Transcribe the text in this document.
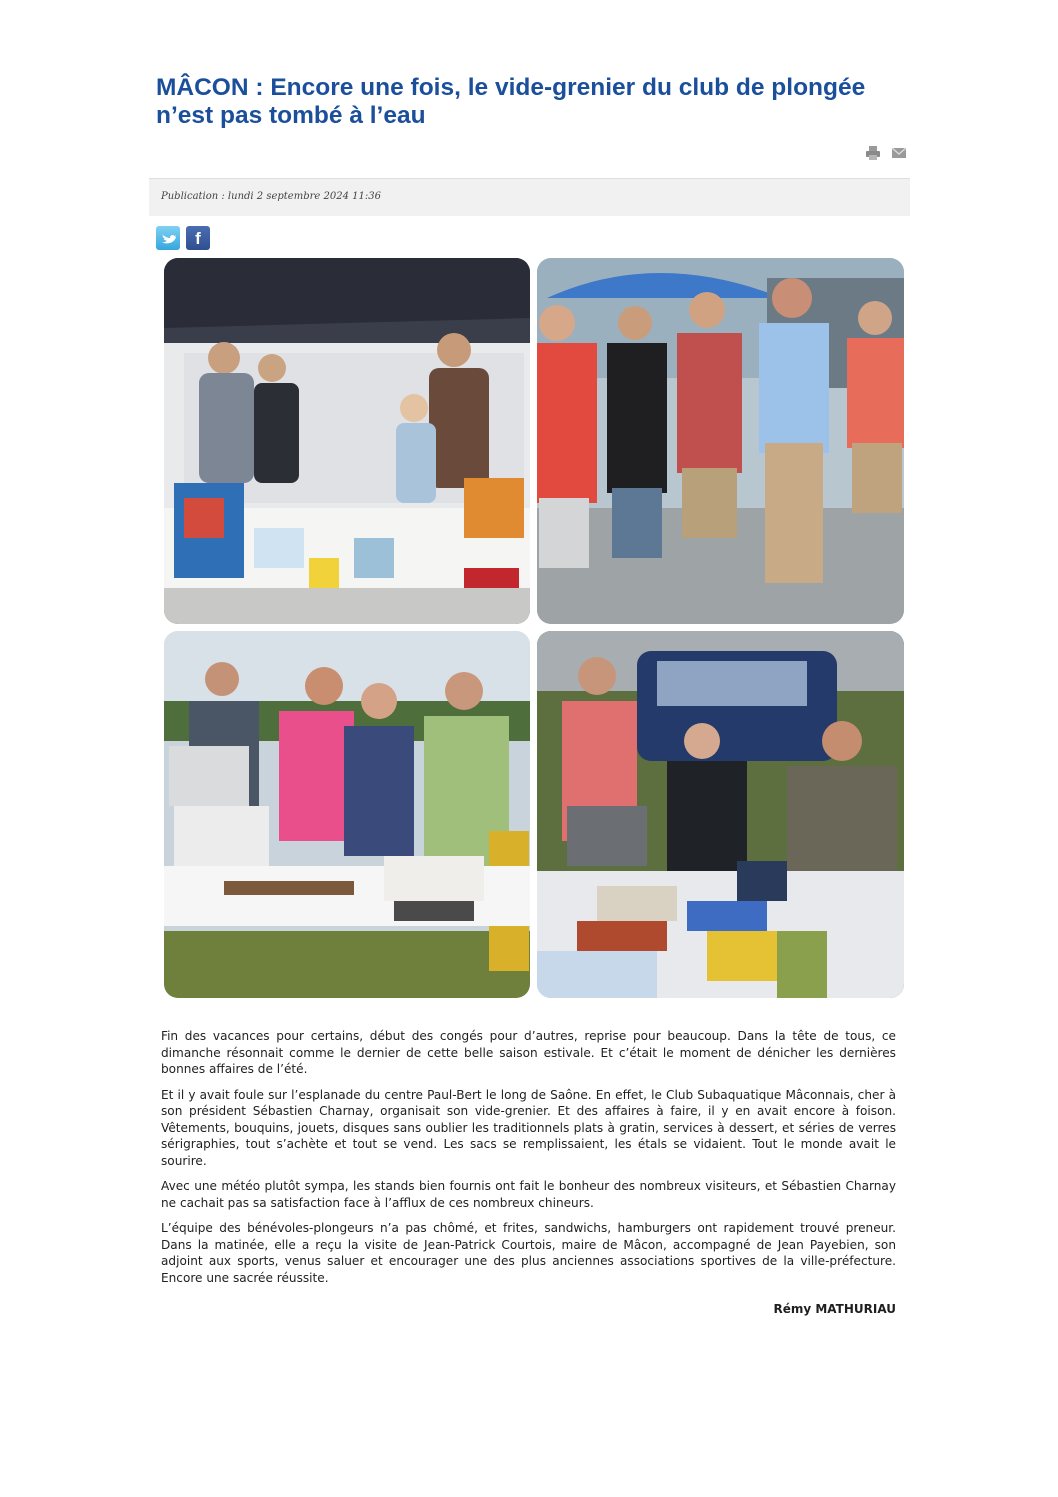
MÂCON : Encore une fois, le vide-grenier du club de plongée
n’est pas tombé à l’eau
Publication : lundi 2 septembre 2024 11:36
f

Fin des vacances pour certains, début des congés pour d’autres, reprise pour beaucoup. Dans la tête de tous, ce dimanche résonnait comme le dernier de cette belle saison estivale. Et c’était le moment de dénicher les dernières bonnes affaires de l’été.

Et il y avait foule sur l’esplanade du centre Paul-Bert le long de Saône. En effet, le Club Subaquatique Mâconnais, cher à son président Sébastien Charnay, organisait son vide-grenier. Et des affaires à faire, il y en avait encore à foison. Vêtements, bouquins, jouets, disques sans oublier les traditionnels plats à gratin, services à dessert, et séries de verres sérigraphies, tout s’achète et tout se vend. Les sacs se remplissaient, les étals se vidaient. Tout le monde avait le sourire.

Avec une météo plutôt sympa, les stands bien fournis ont fait le bonheur des nombreux visiteurs, et Sébastien Charnay ne cachait pas sa satisfaction face à l’afflux de ces nombreux chineurs.

L’équipe des bénévoles-plongeurs n’a pas chômé, et frites, sandwichs, hamburgers ont rapidement trouvé preneur. Dans la matinée, elle a reçu la visite de Jean-Patrick Courtois, maire de Mâcon, accompagné de Jean Payebien, son adjoint aux sports, venus saluer et encourager une des plus anciennes associations sportives de la ville-préfecture. Encore une sacrée réussite.

Rémy MATHURIAU
